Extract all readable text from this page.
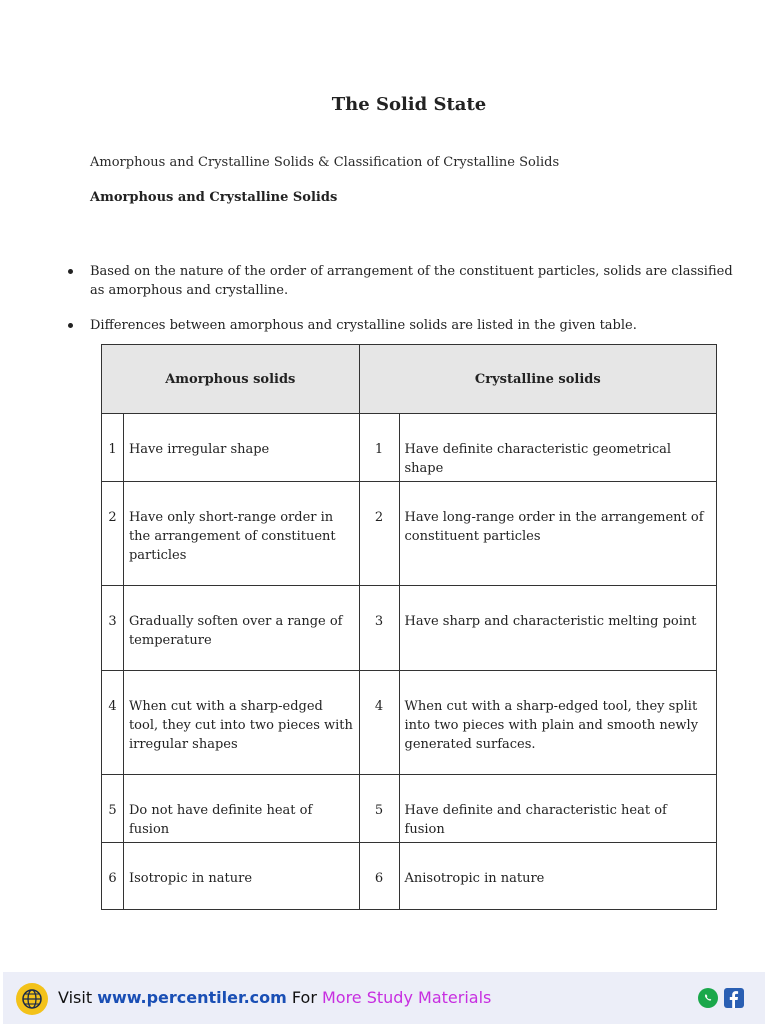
The Solid State
Amorphous and Crystalline Solids & Classification of Crystalline Solids
Amorphous and Crystalline Solids
Based on the nature of the order of arrangement of the constituent particles, solids are classified as amorphous and crystalline.
Differences between amorphous and crystalline solids are listed in the given table.
Amorphous solids		Crystalline solids	
1	Have irregular shape	1	Have definite characteristic geometrical shape
2	Have only short-range order in the arrangement of constituent particles	2	Have long-range order in the arrangement of constituent particles
3	Gradually soften over a range of temperature	3	Have sharp and characteristic melting point
4	When cut with a sharp-edged tool, they cut into two pieces with irregular shapes	4	When cut with a sharp-edged tool, they split into two pieces with plain and smooth newly generated surfaces.
5	Do not have definite heat of fusion	5	Have definite and characteristic heat of fusion
6	Isotropic in nature	6	Anisotropic in nature
Visit www.percentiler.com For More Study Materials
